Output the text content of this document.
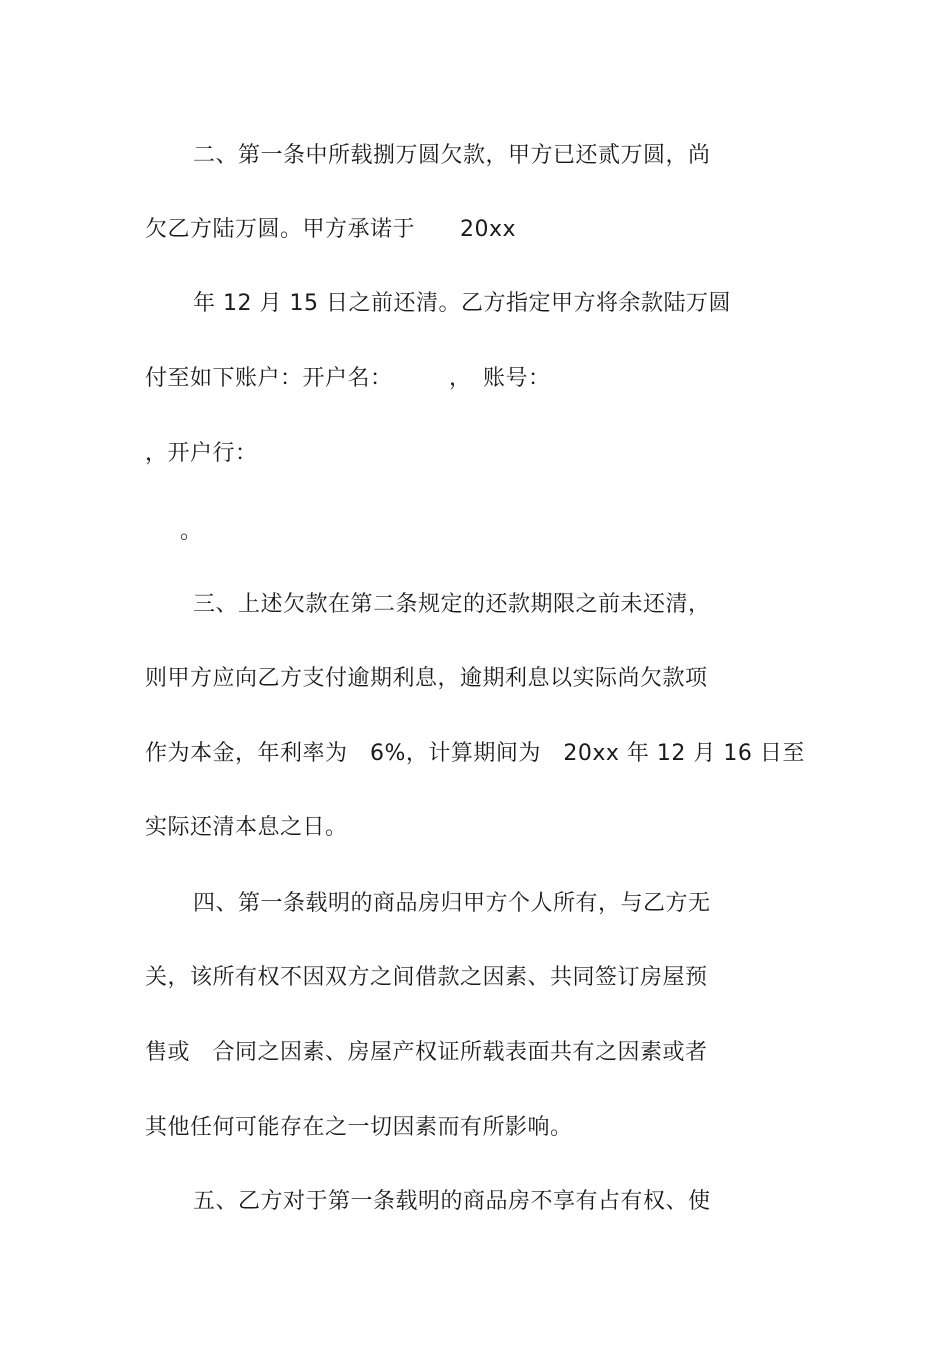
二、第一条中所载捌万圆欠款，甲方已还贰万圆，尚
欠乙方陆万圆。甲方承诺于　　20xx
年 12 月 15 日之前还清。乙方指定甲方将余款陆万圆
付至如下账户：开户名：　　　，　账号：
，开户行：
。
三、上述欠款在第二条规定的还款期限之前未还清，
则甲方应向乙方支付逾期利息，逾期利息以实际尚欠款项
作为本金，年利率为　6%，计算期间为　20xx 年 12 月 16 日至
实际还清本息之日。
四、第一条载明的商品房归甲方个人所有，与乙方无
关，该所有权不因双方之间借款之因素、共同签订房屋预
售或　合同之因素、房屋产权证所载表面共有之因素或者
其他任何可能存在之一切因素而有所影响。
五、乙方对于第一条载明的商品房不享有占有权、使
